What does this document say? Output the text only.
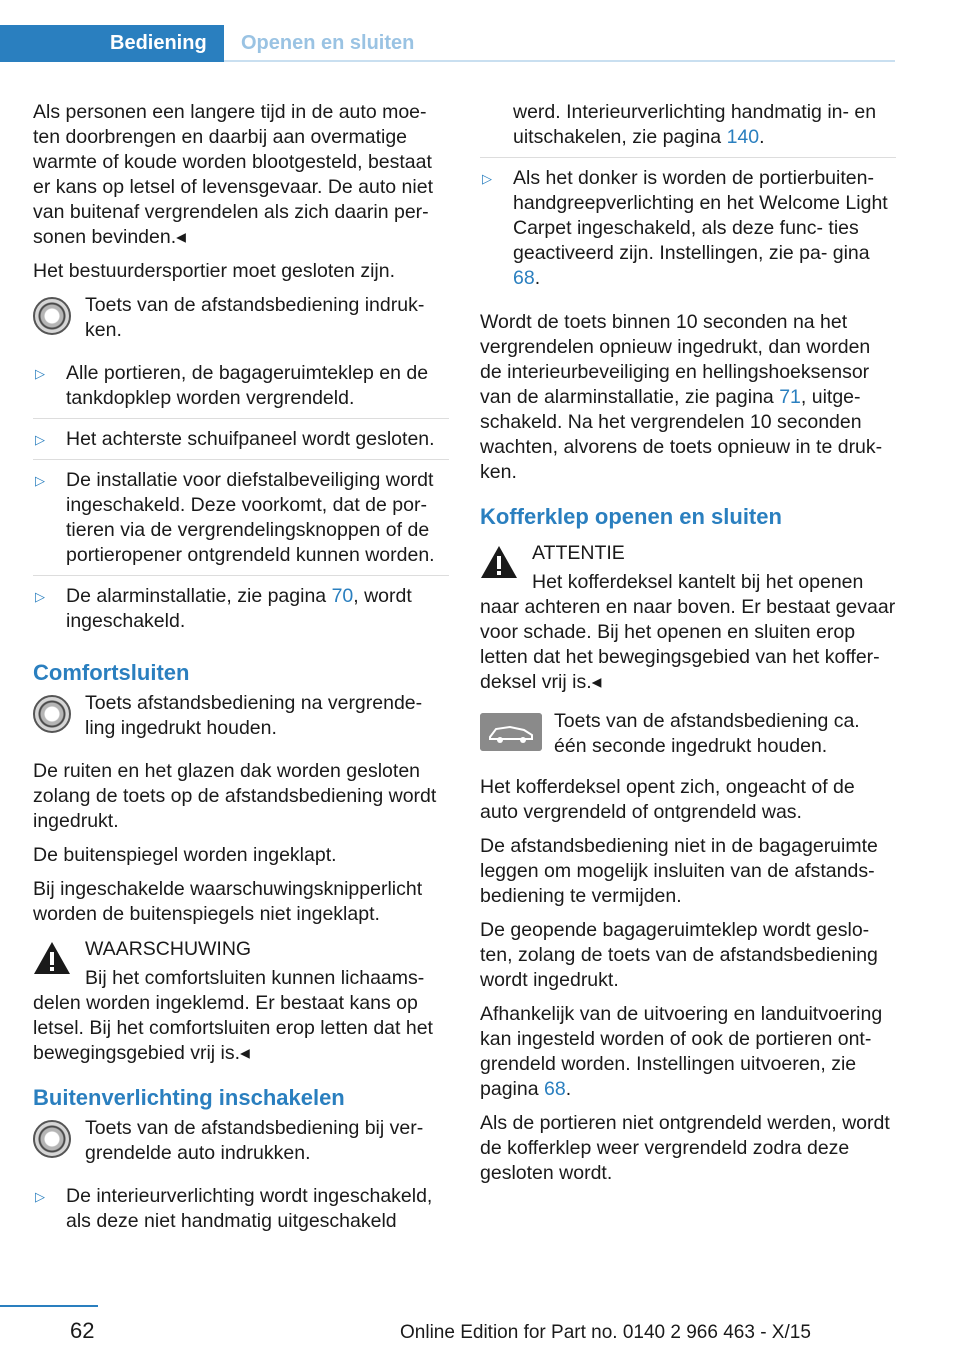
Bediening	Openen en sluiten

Als personen een langere tijd in de auto moe- ten doorbrengen en daarbij aan overmatige warmte of koude worden blootgesteld, bestaat er kans op letsel of levensgevaar. De auto niet van buitenaf vergrendelen als zich daarin per- sonen bevinden.◂

Het bestuurdersportier moet gesloten zijn.

Toets van de afstandsbediening indruk- ken.
▷ Alle portieren, de bagageruimteklep en de tankdopklep worden vergrendeld.
▷ Het achterste schuifpaneel wordt gesloten.
▷ De installatie voor diefstalbeveiliging wordt ingeschakeld. Deze voorkomt, dat de por- tieren via de vergrendelingsknoppen of de portieropener ontgrendeld kunnen worden.
▷ De alarminstallatie, zie pagina 70, wordt ingeschakeld.
Comfortsluiten
Toets afstandsbediening na vergrende- ling ingedrukt houden.

De ruiten en het glazen dak worden gesloten zolang de toets op de afstandsbediening wordt ingedrukt.

De buitenspiegel worden ingeklapt.

Bij ingeschakelde waarschuwingsknipperlicht worden de buitenspiegels niet ingeklapt.

WAARSCHUWING
Bij het comfortsluiten kunnen lichaams- delen worden ingeklemd. Er bestaat kans op letsel. Bij het comfortsluiten erop letten dat het bewegingsgebied vrij is.◂
Buitenverlichting inschakelen
Toets van de afstandsbediening bij ver- grendelde auto indrukken.
▷ De interieurverlichting wordt ingeschakeld, als deze niet handmatig uitgeschakeld
werd. Interieurverlichting handmatig in- en uitschakelen, zie pagina 140.
▷ Als het donker is worden de portierbuiten- handgreepverlichting en het Welcome Light Carpet ingeschakeld, als deze func- ties geactiveerd zijn. Instellingen, zie pa- gina 68.

Wordt de toets binnen 10 seconden na het vergrendelen opnieuw ingedrukt, dan worden de interieurbeveiliging en hellingshoeksensor van de alarminstallatie, zie pagina 71, uitge- schakeld. Na het vergrendelen 10 seconden wachten, alvorens de toets opnieuw in te druk- ken.

Kofferklep openen en sluiten
ATTENTIE
Het kofferdeksel kantelt bij het openen naar achteren en naar boven. Er bestaat gevaar voor schade. Bij het openen en sluiten erop letten dat het bewegingsgebied van het koffer- deksel vrij is.◂
Toets van de afstandsbediening ca. één seconde ingedrukt houden.

Het kofferdeksel opent zich, ongeacht of de auto vergrendeld of ontgrendeld was.

De afstandsbediening niet in de bagageruimte leggen om mogelijk insluiten van de afstands- bediening te vermijden.

De geopende bagageruimteklep wordt geslo- ten, zolang de toets van de afstandsbediening wordt ingedrukt.

Afhankelijk van de uitvoering en landuitvoering kan ingesteld worden of ook de portieren ont- grendeld worden. Instellingen uitvoeren, zie pagina 68.

Als de portieren niet ontgrendeld werden, wordt de kofferklep weer vergrendeld zodra deze gesloten wordt.

62	Online Edition for Part no. 0140 2 966 463 - X/15
